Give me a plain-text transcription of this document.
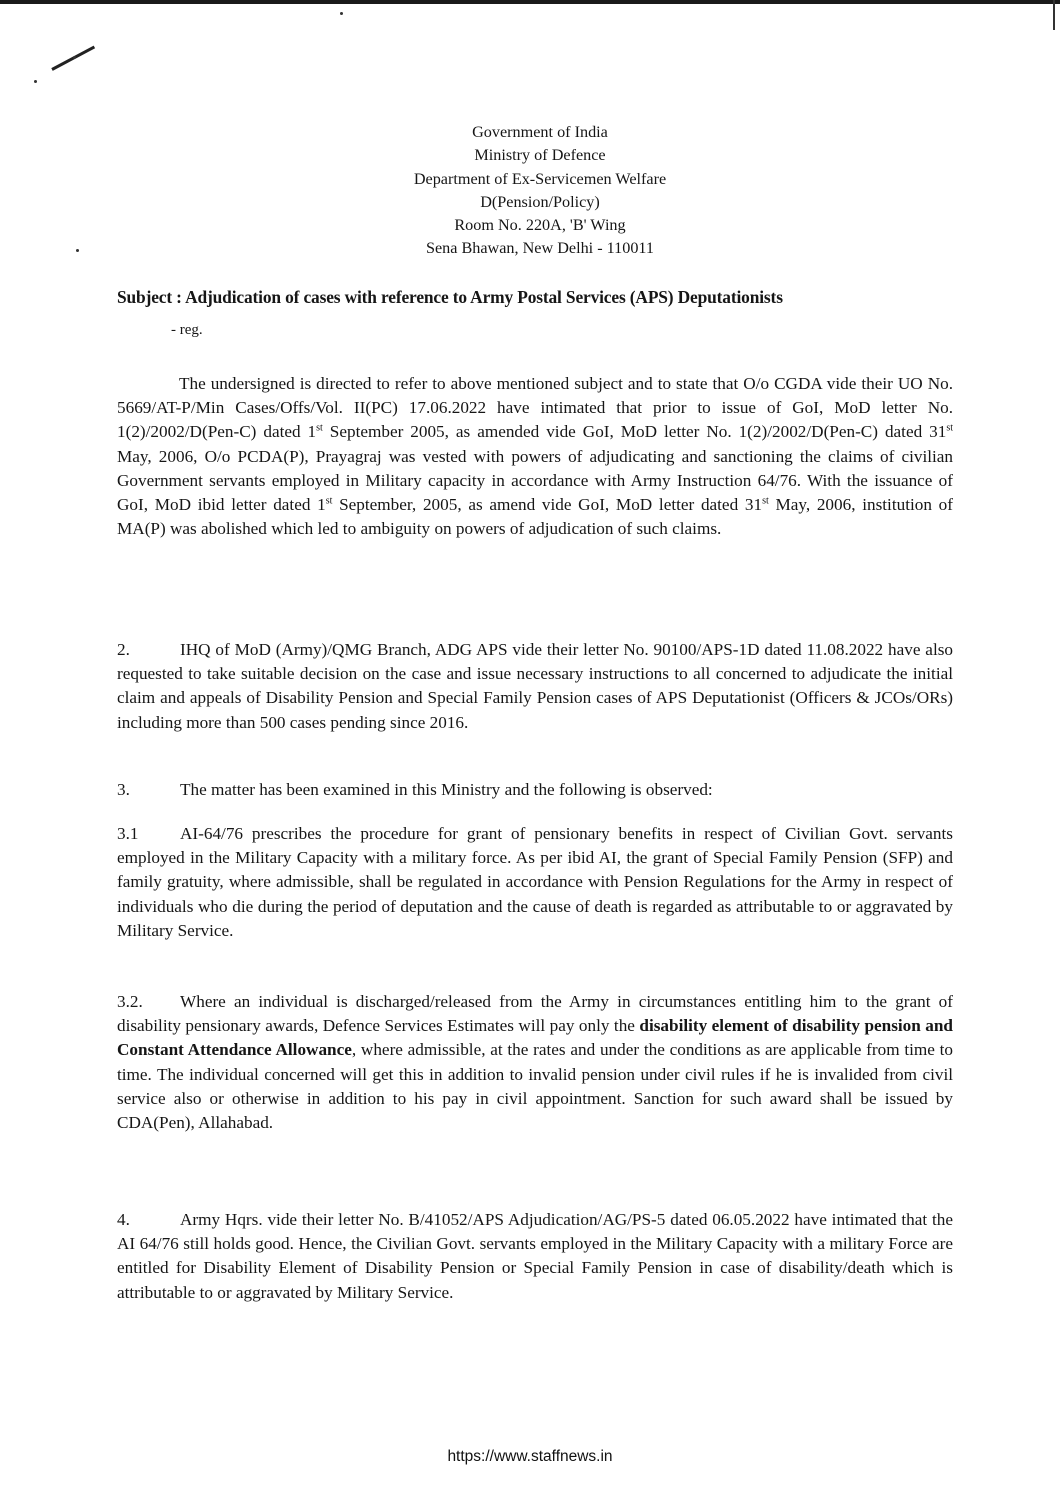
Government of India
Ministry of Defence
Department of Ex-Servicemen Welfare
D(Pension/Policy)
Room No. 220A, 'B' Wing
Sena Bhawan, New Delhi - 110011
Subject : Adjudication of cases with reference to Army Postal Services (APS) Deputationists
- reg.

The undersigned is directed to refer to above mentioned subject and to state that O/o CGDA vide their UO No. 5669/AT-P/Min Cases/Offs/Vol. II(PC) 17.06.2022 have intimated that prior to issue of GoI, MoD letter No. 1(2)/2002/D(Pen-C) dated 1st September 2005, as amended vide GoI, MoD letter No. 1(2)/2002/D(Pen-C) dated 31st May, 2006, O/o PCDA(P), Prayagraj was vested with powers of adjudicating and sanctioning the claims of civilian Government servants employed in Military capacity in accordance with Army Instruction 64/76. With the issuance of GoI, MoD ibid letter dated 1st September, 2005, as amend vide GoI, MoD letter dated 31st May, 2006, institution of MA(P) was abolished which led to ambiguity on powers of adjudication of such claims.

2.	IHQ of MoD (Army)/QMG Branch, ADG APS vide their letter No. 90100/APS-1D dated 11.08.2022 have also requested to take suitable decision on the case and issue necessary instructions to all concerned to adjudicate the initial claim and appeals of Disability Pension and Special Family Pension cases of APS Deputationist (Officers & JCOs/ORs) including more than 500 cases pending since 2016.

3.	The matter has been examined in this Ministry and the following is observed:

3.1 AI-64/76 prescribes the procedure for grant of pensionary benefits in respect of Civilian Govt. servants employed in the Military Capacity with a military force. As per ibid AI, the grant of Special Family Pension (SFP) and family gratuity, where admissible, shall be regulated in accordance with Pension Regulations for the Army in respect of individuals who die during the period of deputation and the cause of death is regarded as attributable to or aggravated by Military Service.

3.2. Where an individual is discharged/released from the Army in circumstances entitling him to the grant of disability pensionary awards, Defence Services Estimates will pay only the disability element of disability pension and Constant Attendance Allowance, where admissible, at the rates and under the conditions as are applicable from time to time. The individual concerned will get this in addition to invalid pension under civil rules if he is invalided from civil service also or otherwise in addition to his pay in civil appointment. Sanction for such award shall be issued by CDA(Pen), Allahabad.

4.	Army Hqrs. vide their letter No. B/41052/APS Adjudication/AG/PS-5 dated 06.05.2022 have intimated that the AI 64/76 still holds good. Hence, the Civilian Govt. servants employed in the Military Capacity with a military Force are entitled for Disability Element of Disability Pension or Special Family Pension in case of disability/death which is attributable to or aggravated by Military Service.

https://www.staffnews.in
